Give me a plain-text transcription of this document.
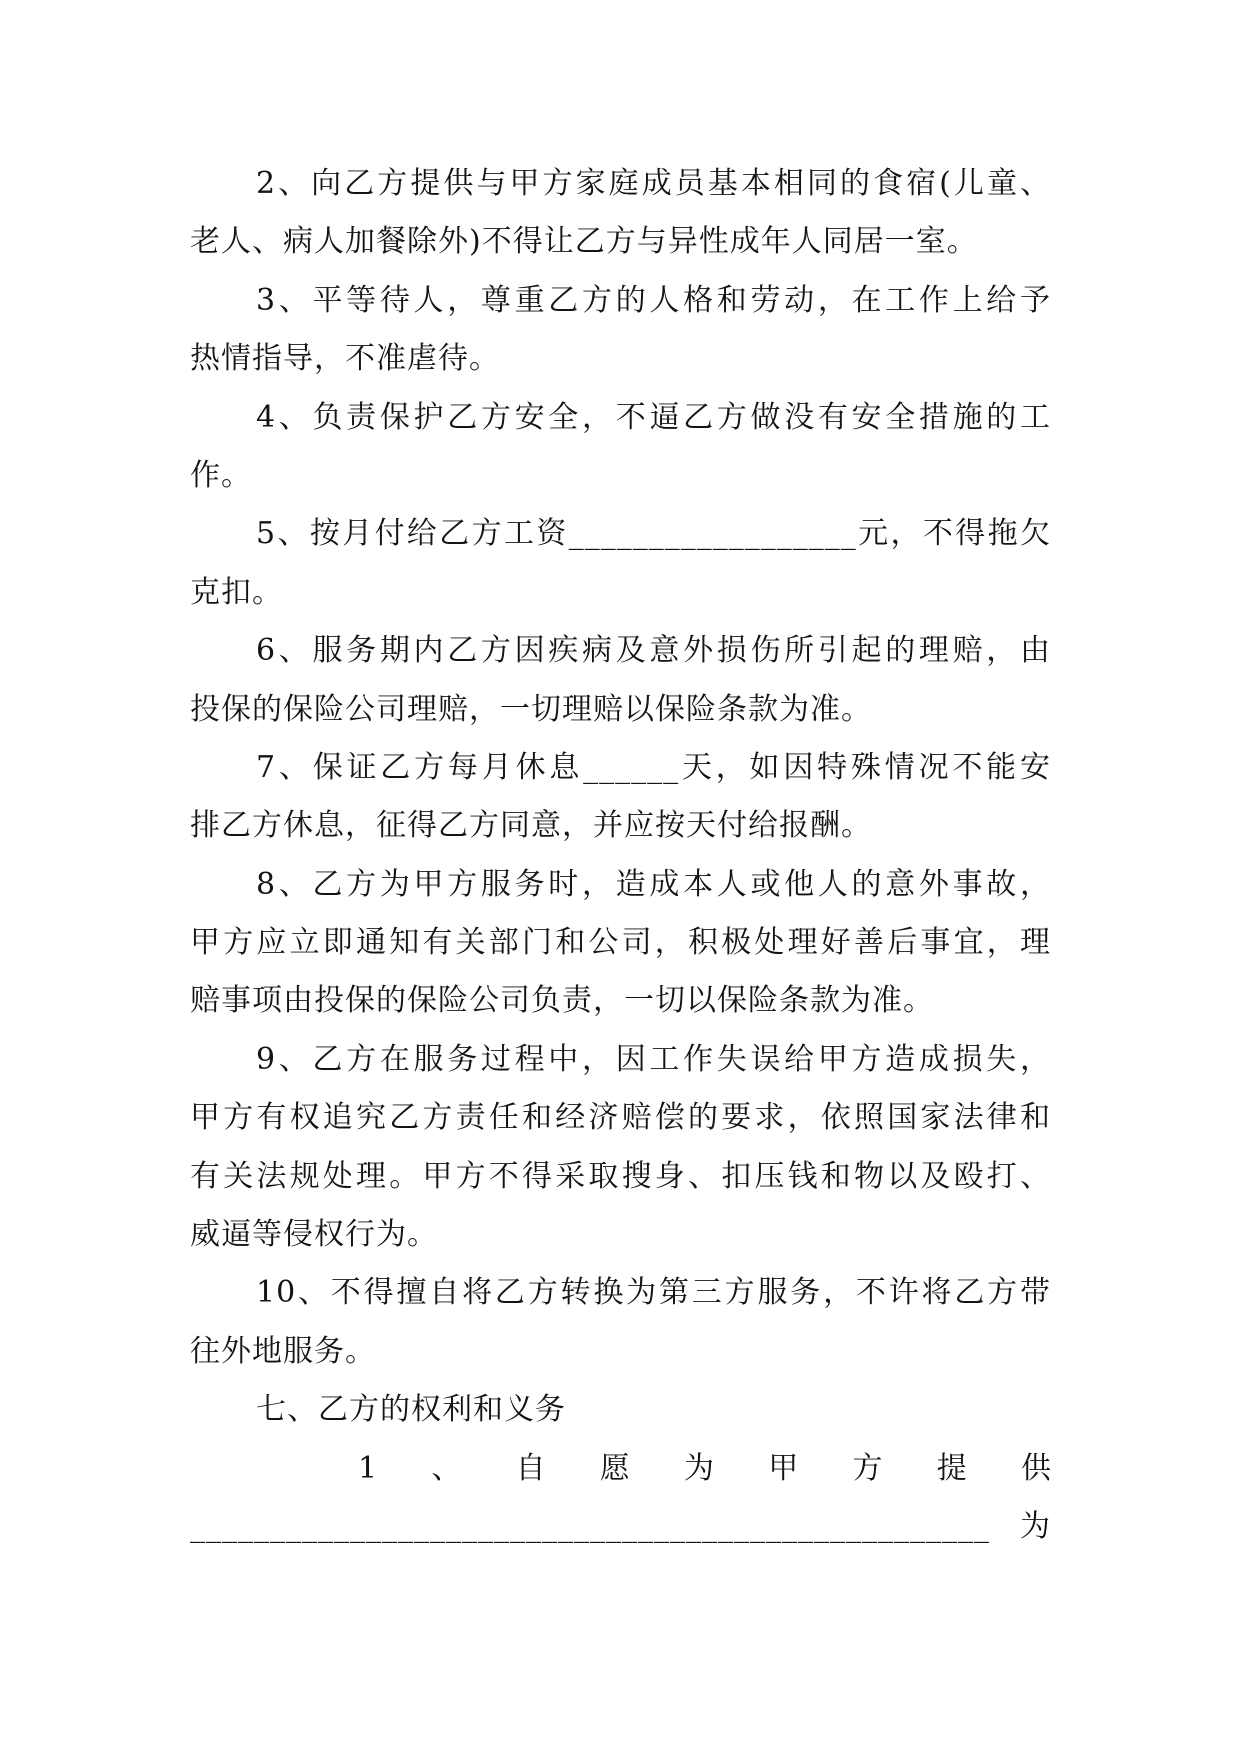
2、向乙方提供与甲方家庭成员基本相同的食宿(儿童、
老人、病人加餐除外)不得让乙方与异性成年人同居一室。
3、平等待人，尊重乙方的人格和劳动，在工作上给予
热情指导，不准虐待。
4、负责保护乙方安全，不逼乙方做没有安全措施的工
作。
5、按月付给乙方工资__________________元，不得拖欠
克扣。
6、服务期内乙方因疾病及意外损伤所引起的理赔，由
投保的保险公司理赔，一切理赔以保险条款为准。
7、保证乙方每月休息______天，如因特殊情况不能安
排乙方休息，征得乙方同意，并应按天付给报酬。
8、乙方为甲方服务时，造成本人或他人的意外事故，
甲方应立即通知有关部门和公司，积极处理好善后事宜，理
赔事项由投保的保险公司负责，一切以保险条款为准。
9、乙方在服务过程中，因工作失误给甲方造成损失，
甲方有权追究乙方责任和经济赔偿的要求，依照国家法律和
有关法规处理。甲方不得采取搜身、扣压钱和物以及殴打、
威逼等侵权行为。
10、不得擅自将乙方转换为第三方服务，不许将乙方带
往外地服务。
七、乙方的权利和义务
1 、 自 愿 为 甲 方 提 供
__________________________________________________ 为
